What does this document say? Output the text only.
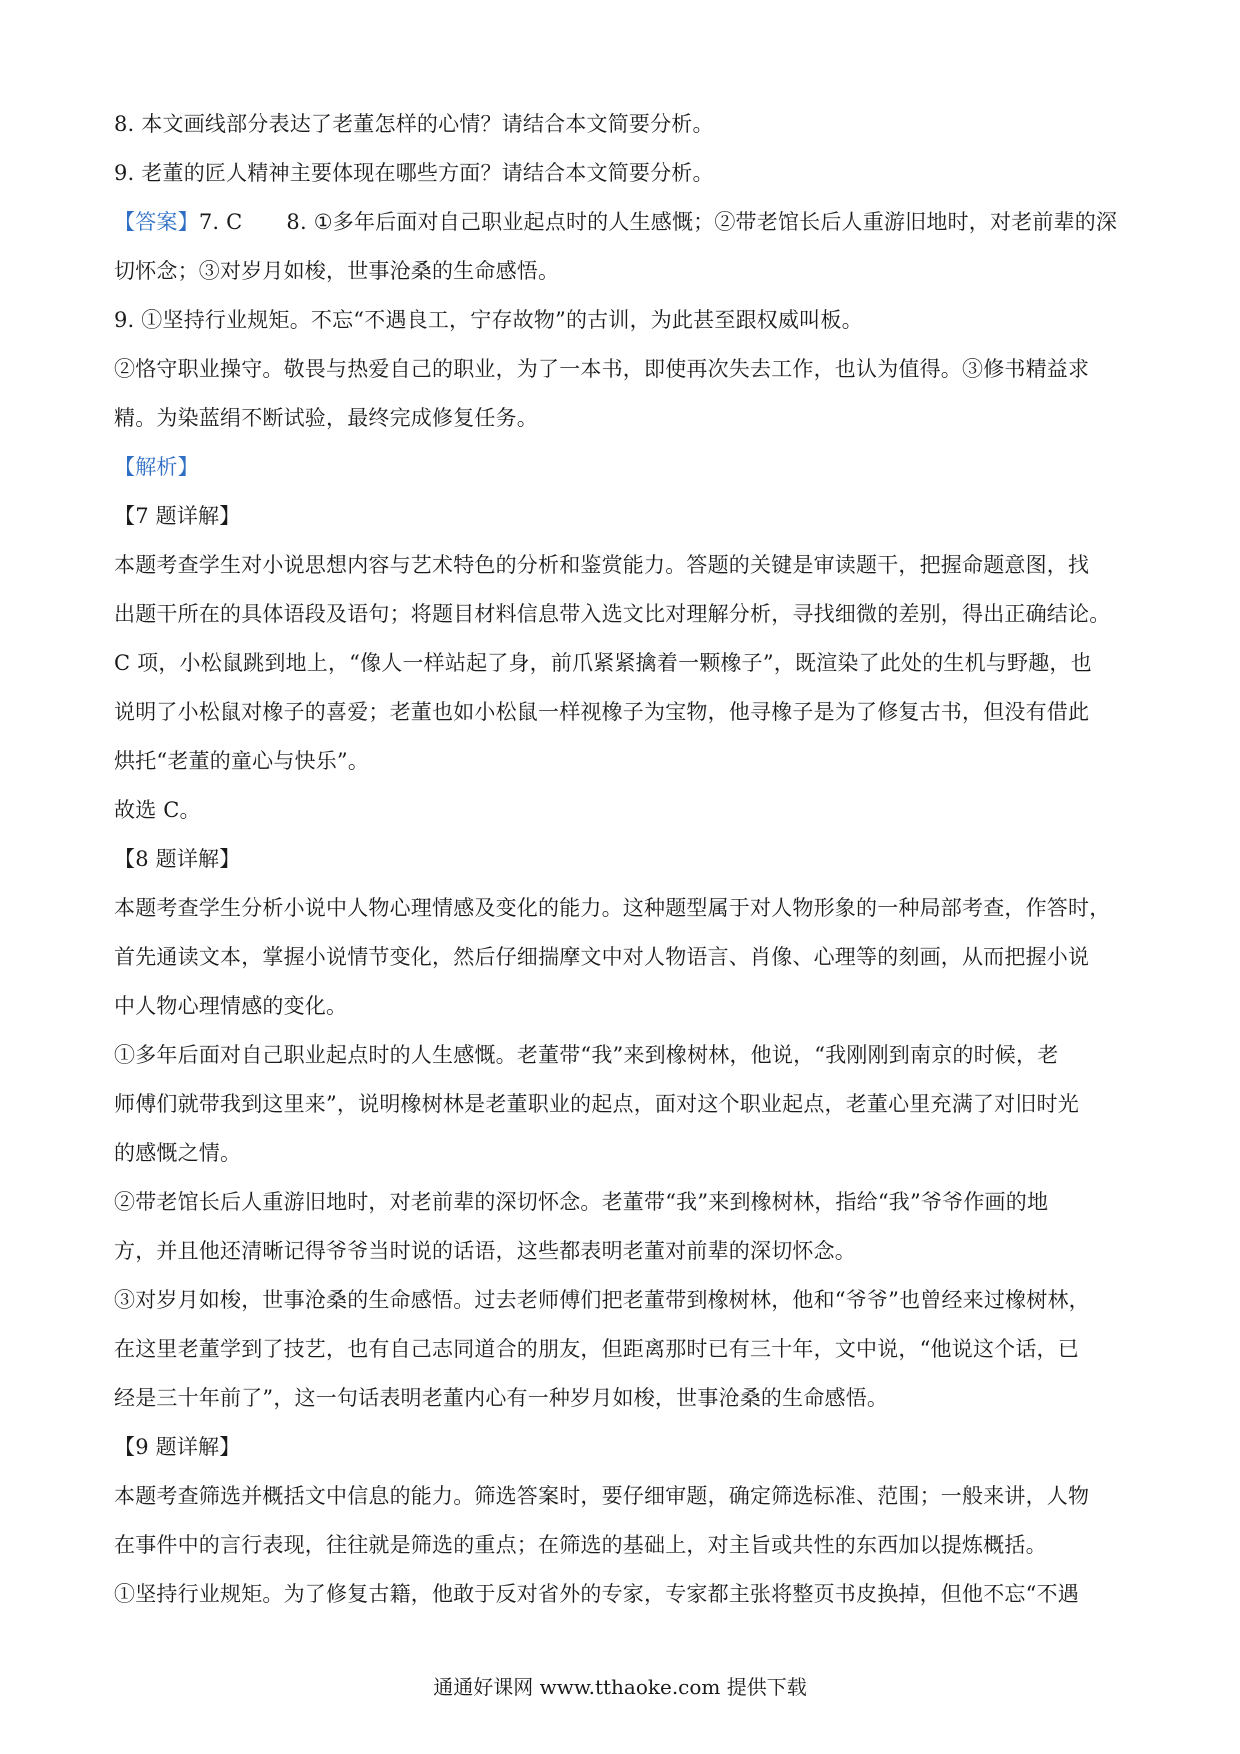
8. 本文画线部分表达了老董怎样的心情？请结合本文简要分析。
9. 老董的匠人精神主要体现在哪些方面？请结合本文简要分析。
【答案】7. C 8. ①多年后面对自己职业起点时的人生感慨；②带老馆长后人重游旧地时，对老前辈的深
切怀念；③对岁月如梭，世事沧桑的生命感悟。
9. ①坚持行业规矩。不忘“不遇良工，宁存故物”的古训，为此甚至跟权威叫板。
②恪守职业操守。敬畏与热爱自己的职业，为了一本书，即使再次失去工作，也认为值得。③修书精益求
精。为染蓝绢不断试验，最终完成修复任务。
【解析】
【7 题详解】
本题考查学生对小说思想内容与艺术特色的分析和鉴赏能力。答题的关键是审读题干，把握命题意图，找
出题干所在的具体语段及语句；将题目材料信息带入选文比对理解分析，寻找细微的差别，得出正确结论。
C 项，小松鼠跳到地上，“像人一样站起了身，前爪紧紧擒着一颗橡子”，既渲染了此处的生机与野趣，也
说明了小松鼠对橡子的喜爱；老董也如小松鼠一样视橡子为宝物，他寻橡子是为了修复古书，但没有借此
烘托“老董的童心与快乐”。
故选 C。
【8 题详解】
本题考查学生分析小说中人物心理情感及变化的能力。这种题型属于对人物形象的一种局部考查，作答时，
首先通读文本，掌握小说情节变化，然后仔细揣摩文中对人物语言、肖像、心理等的刻画，从而把握小说
中人物心理情感的变化。
①多年后面对自己职业起点时的人生感慨。老董带“我”来到橡树林，他说，“我刚刚到南京的时候，老
师傅们就带我到这里来”，说明橡树林是老董职业的起点，面对这个职业起点，老董心里充满了对旧时光
的感慨之情。
②带老馆长后人重游旧地时，对老前辈的深切怀念。老董带“我”来到橡树林，指给“我”爷爷作画的地
方，并且他还清晰记得爷爷当时说的话语，这些都表明老董对前辈的深切怀念。
③对岁月如梭，世事沧桑的生命感悟。过去老师傅们把老董带到橡树林，他和“爷爷”也曾经来过橡树林，
在这里老董学到了技艺，也有自己志同道合的朋友，但距离那时已有三十年，文中说，“他说这个话，已
经是三十年前了”，这一句话表明老董内心有一种岁月如梭，世事沧桑的生命感悟。
【9 题详解】
本题考查筛选并概括文中信息的能力。筛选答案时，要仔细审题，确定筛选标准、范围；一般来讲，人物
在事件中的言行表现，往往就是筛选的重点；在筛选的基础上，对主旨或共性的东西加以提炼概括。
①坚持行业规矩。为了修复古籍，他敢于反对省外的专家，专家都主张将整页书皮换掉，但他不忘“不遇
通通好课网 www.tthaoke.com 提供下载
